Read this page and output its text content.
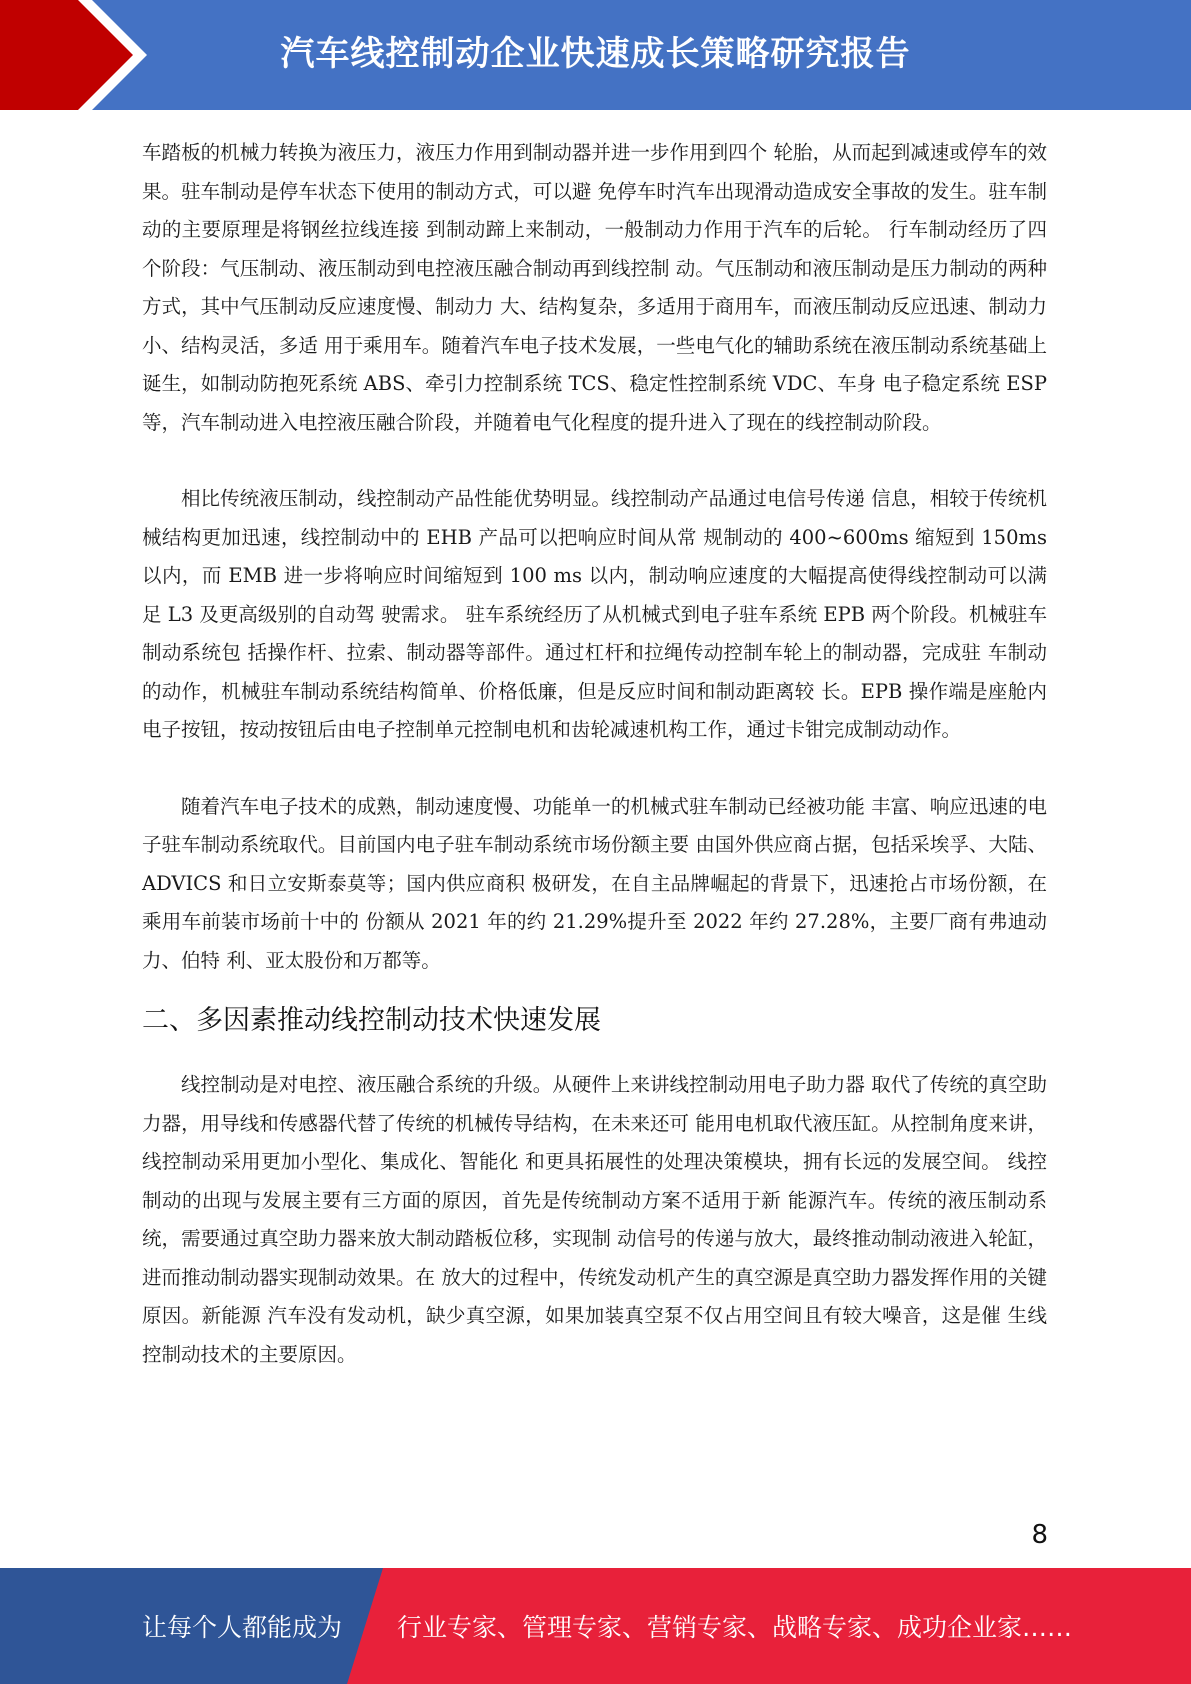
汽车线控制动企业快速成长策略研究报告

车踏板的机械力转换为液压力，液压力作用到制动器并进一步作用到四个 轮胎，从而起到减速或停车的效果。驻车制动是停车状态下使用的制动方式，可以避 免停车时汽车出现滑动造成安全事故的发生。驻车制动的主要原理是将钢丝拉线连接 到制动蹄上来制动，一般制动力作用于汽车的后轮。 行车制动经历了四个阶段：气压制动、液压制动到电控液压融合制动再到线控制 动。气压制动和液压制动是压力制动的两种方式，其中气压制动反应速度慢、制动力 大、结构复杂，多适用于商用车，而液压制动反应迅速、制动力小、结构灵活，多适 用于乘用车。随着汽车电子技术发展，一些电气化的辅助系统在液压制动系统基础上 诞生，如制动防抱死系统 ABS、牵引力控制系统 TCS、稳定性控制系统 VDC、车身 电子稳定系统 ESP 等，汽车制动进入电控液压融合阶段，并随着电气化程度的提升进入了现在的线控制动阶段。

相比传统液压制动，线控制动产品性能优势明显。线控制动产品通过电信号传递 信息，相较于传统机械结构更加迅速，线控制动中的 EHB 产品可以把响应时间从常 规制动的 400~600ms 缩短到 150ms 以内，而 EMB 进一步将响应时间缩短到 100 ms 以内，制动响应速度的大幅提高使得线控制动可以满足 L3 及更高级别的自动驾 驶需求。 驻车系统经历了从机械式到电子驻车系统 EPB 两个阶段。机械驻车制动系统包 括操作杆、拉索、制动器等部件。通过杠杆和拉绳传动控制车轮上的制动器，完成驻 车制动的动作，机械驻车制动系统结构简单、价格低廉，但是反应时间和制动距离较 长。EPB 操作端是座舱内电子按钮，按动按钮后由电子控制单元控制电机和齿轮减速机构工作，通过卡钳完成制动动作。

随着汽车电子技术的成熟，制动速度慢、功能单一的机械式驻车制动已经被功能 丰富、响应迅速的电子驻车制动系统取代。目前国内电子驻车制动系统市场份额主要 由国外供应商占据，包括采埃孚、大陆、ADVICS 和日立安斯泰莫等；国内供应商积 极研发，在自主品牌崛起的背景下，迅速抢占市场份额，在乘用车前装市场前十中的 份额从 2021 年的约 21.29%提升至 2022 年约 27.28%，主要厂商有弗迪动力、伯特 利、亚太股份和万都等。

二、多因素推动线控制动技术快速发展

线控制动是对电控、液压融合系统的升级。从硬件上来讲线控制动用电子助力器 取代了传统的真空助力器，用导线和传感器代替了传统的机械传导结构，在未来还可 能用电机取代液压缸。从控制角度来讲，线控制动采用更加小型化、集成化、智能化 和更具拓展性的处理决策模块，拥有长远的发展空间。 线控制动的出现与发展主要有三方面的原因，首先是传统制动方案不适用于新 能源汽车。传统的液压制动系统，需要通过真空助力器来放大制动踏板位移，实现制 动信号的传递与放大，最终推动制动液进入轮缸，进而推动制动器实现制动效果。在 放大的过程中，传统发动机产生的真空源是真空助力器发挥作用的关键原因。新能源 汽车没有发动机，缺少真空源，如果加装真空泵不仅占用空间且有较大噪音，这是催 生线控制动技术的主要原因。

8
让每个人都能成为 行业专家、管理专家、营销专家、战略专家、成功企业家……
